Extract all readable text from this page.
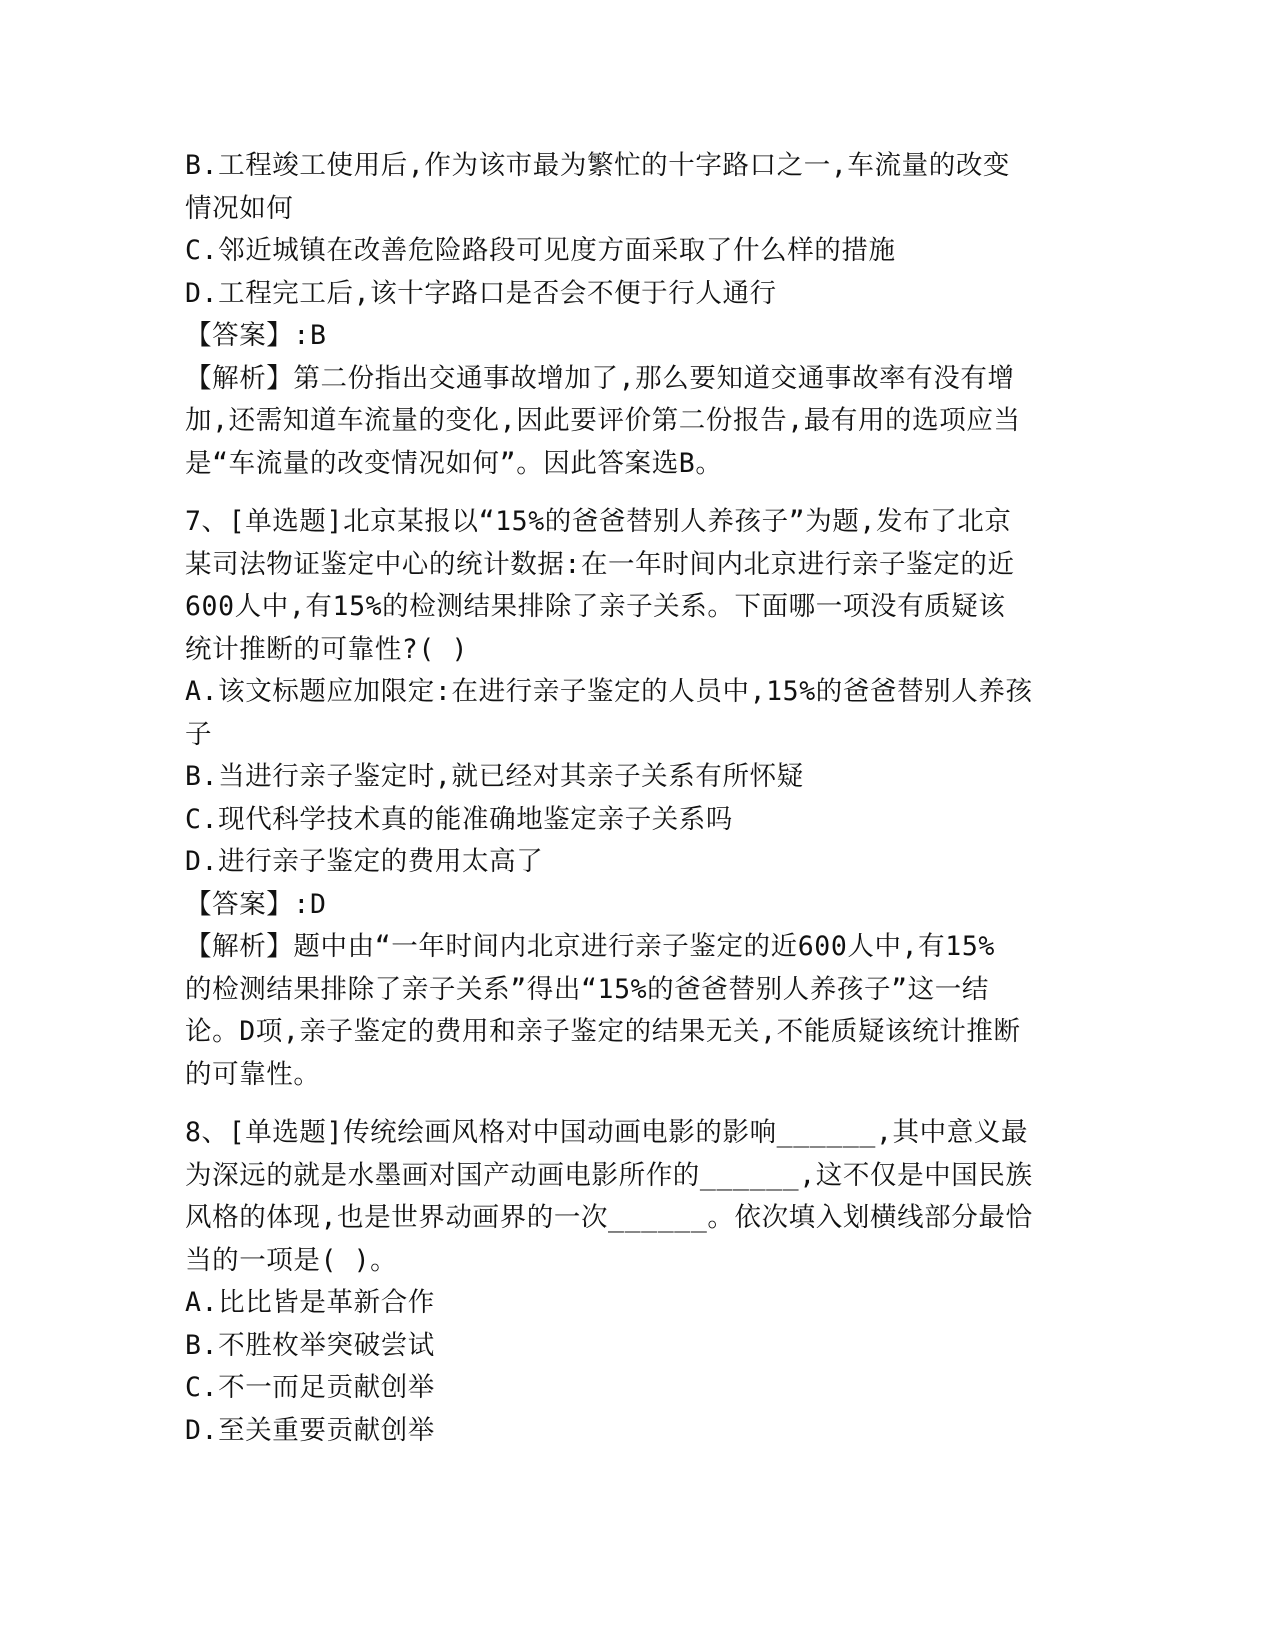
B.工程竣工使用后,作为该市最为繁忙的十字路口之一,车流量的改变
情况如何
C.邻近城镇在改善危险路段可见度方面采取了什么样的措施
D.工程完工后,该十字路口是否会不便于行人通行
【答案】:B
【解析】第二份指出交通事故增加了,那么要知道交通事故率有没有增
加,还需知道车流量的变化,因此要评价第二份报告,最有用的选项应当
是“车流量的改变情况如何”。因此答案选B。
7、[单选题]北京某报以“15%的爸爸替别人养孩子”为题,发布了北京
某司法物证鉴定中心的统计数据:在一年时间内北京进行亲子鉴定的近
600人中,有15%的检测结果排除了亲子关系。下面哪一项没有质疑该
统计推断的可靠性?( )
A.该文标题应加限定:在进行亲子鉴定的人员中,15%的爸爸替别人养孩
子
B.当进行亲子鉴定时,就已经对其亲子关系有所怀疑
C.现代科学技术真的能准确地鉴定亲子关系吗
D.进行亲子鉴定的费用太高了
【答案】:D
【解析】题中由“一年时间内北京进行亲子鉴定的近600人中,有15%
的检测结果排除了亲子关系”得出“15%的爸爸替别人养孩子”这一结
论。D项,亲子鉴定的费用和亲子鉴定的结果无关,不能质疑该统计推断
的可靠性。
8、[单选题]传统绘画风格对中国动画电影的影响______,其中意义最
为深远的就是水墨画对国产动画电影所作的______,这不仅是中国民族
风格的体现,也是世界动画界的一次______。依次填入划横线部分最恰
当的一项是( )。
A.比比皆是革新合作
B.不胜枚举突破尝试
C.不一而足贡献创举
D.至关重要贡献创举
